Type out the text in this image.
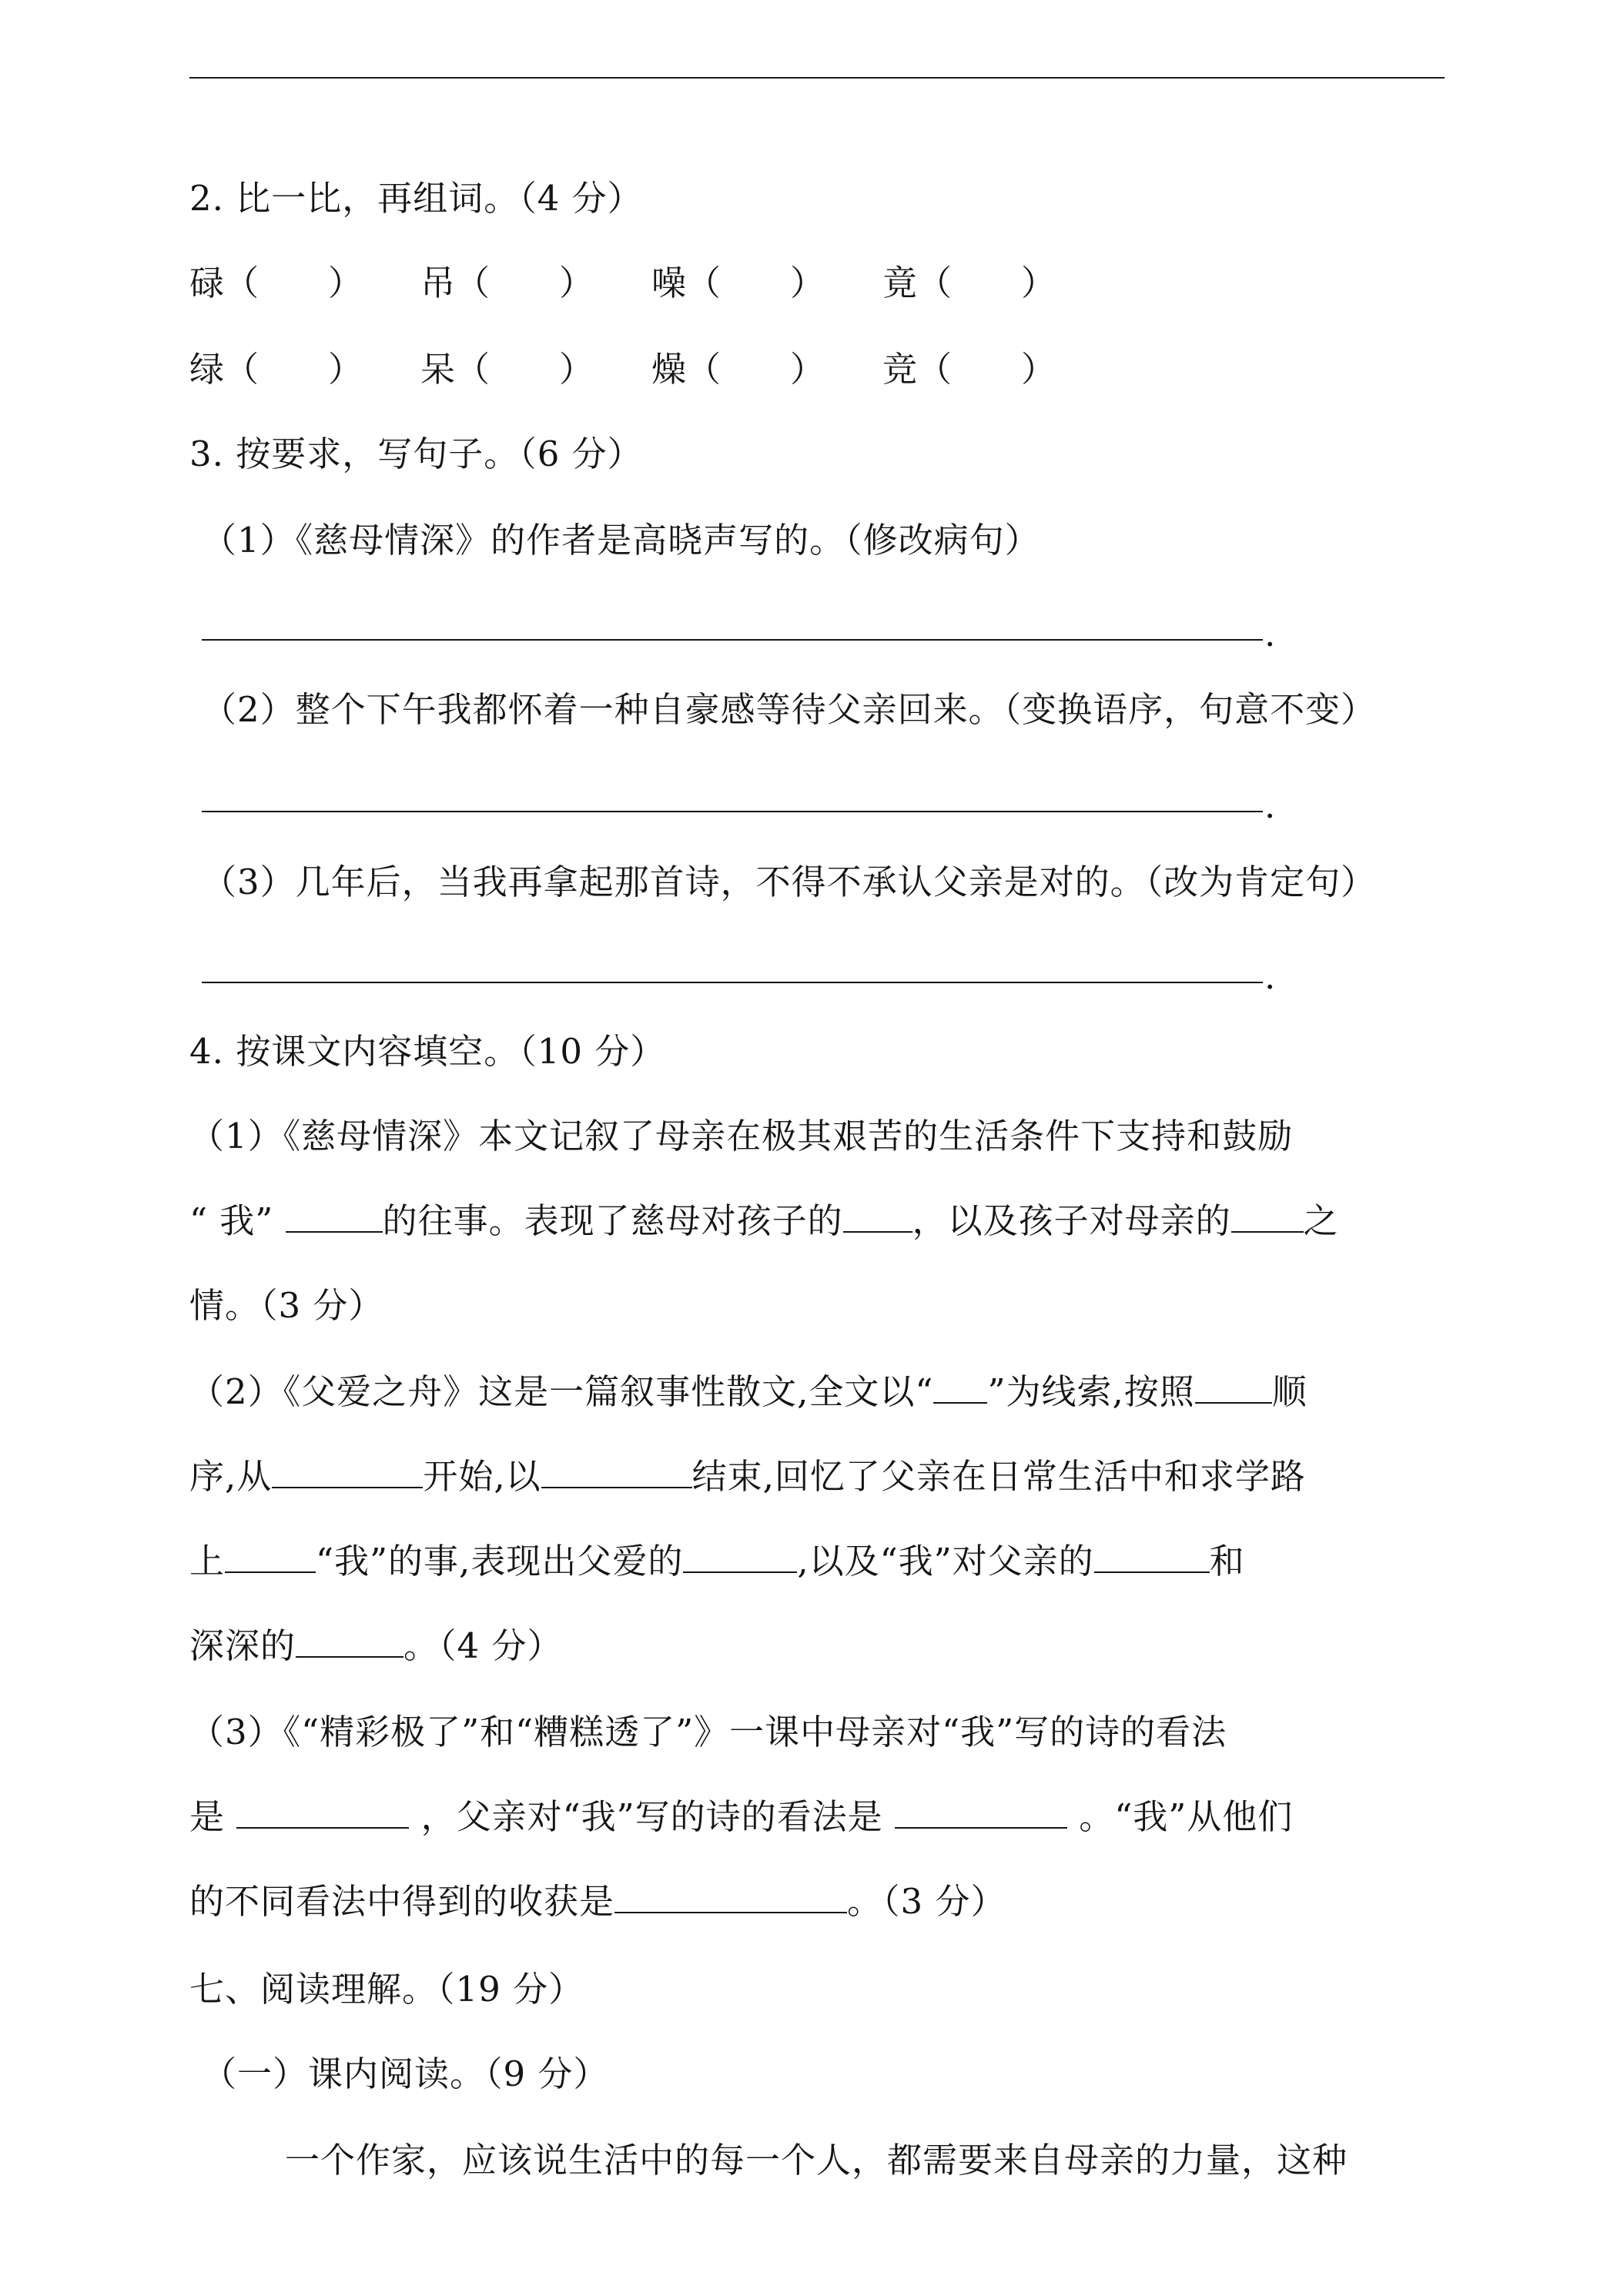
2. 比一比，再组词。（4 分）
碌（　　） 吊（　　） 噪（　　） 竟（　　）
绿（　　） 呆（　　） 燥（　　） 竞（　　）
3. 按要求，写句子。（6 分）
（1）《慈母情深》的作者是高晓声写的。（修改病句）
.
（2）整个下午我都怀着一种自豪感等待父亲回来。（变换语序，句意不变）
.
（3）几年后，当我再拿起那首诗，不得不承认父亲是对的。（改为肯定句）
.
4. 按课文内容填空。（10 分）
（1）《慈母情深》本文记叙了母亲在极其艰苦的生活条件下支持和鼓励
“ 我”	的往事。表现了慈母对孩子的 ，以及孩子对母亲的 之
情。（3 分）
（2）《父爱之舟》这是一篇叙事性散文,全文以“ ”为线索,按照 顺
序,从	开始,以	结束,回忆了父亲在日常生活中和求学路
上	“我”的事,表现出父爱的	,以及“我”对父亲的	和
深深的	。（4 分）
（3）《“精彩极了”和“糟糕透了”》一课中母亲对“我”写的诗的看法
是	，父亲对“我”写的诗的看法是	。“我”从他们
的不同看法中得到的收获是	。（3 分）
七、阅读理解。（19 分）
（一）课内阅读。（9 分）
一个作家，应该说生活中的每一个人，都需要来自母亲的力量，这种
